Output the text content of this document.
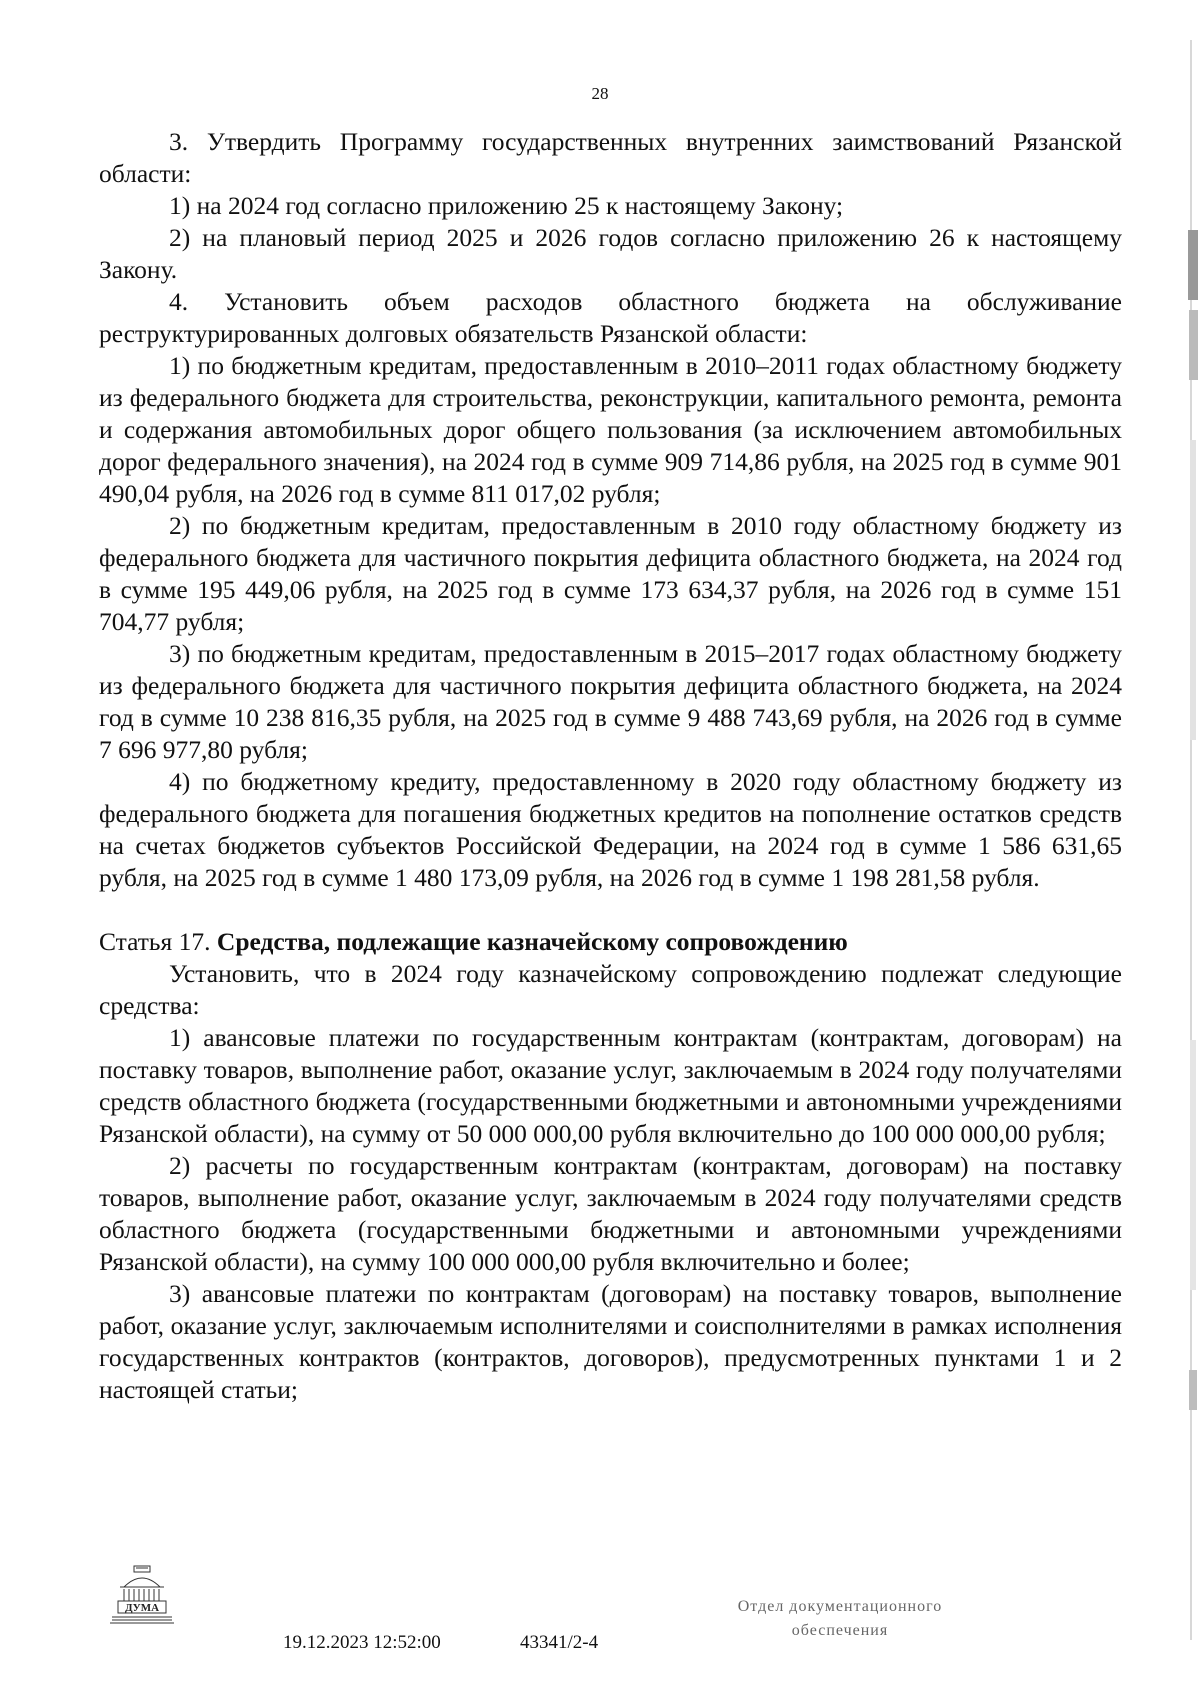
28

3. Утвердить Программу государственных внутренних заимствований Рязанской области:

1) на 2024 год согласно приложению 25 к настоящему Закону;

2) на плановый период 2025 и 2026 годов согласно приложению 26 к настоящему Закону.

4. Установить объем расходов областного бюджета на обслуживание реструктурированных долговых обязательств Рязанской области:

1) по бюджетным кредитам, предоставленным в 2010–2011 годах областному бюджету из федерального бюджета для строительства, реконструкции, капитального ремонта, ремонта и содержания автомобильных дорог общего пользования (за исключением автомобильных дорог федерального значения), на 2024 год в сумме 909 714,86 рубля, на 2025 год в сумме 901 490,04 рубля, на 2026 год в сумме 811 017,02 рубля;

2) по бюджетным кредитам, предоставленным в 2010 году областному бюджету из федерального бюджета для частичного покрытия дефицита областного бюджета, на 2024 год в сумме 195 449,06 рубля, на 2025 год в сумме 173 634,37 рубля, на 2026 год в сумме 151 704,77 рубля;

3) по бюджетным кредитам, предоставленным в 2015–2017 годах областному бюджету из федерального бюджета для частичного покрытия дефицита областного бюджета, на 2024 год в сумме 10 238 816,35 рубля, на 2025 год в сумме 9 488 743,69 рубля, на 2026 год в сумме 7 696 977,80 рубля;

4) по бюджетному кредиту, предоставленному в 2020 году областному бюджету из федерального бюджета для погашения бюджетных кредитов на пополнение остатков средств на счетах бюджетов субъектов Российской Федерации, на 2024 год в сумме 1 586 631,65 рубля, на 2025 год в сумме 1 480 173,09 рубля, на 2026 год в сумме 1 198 281,58 рубля.

Статья 17. Средства, подлежащие казначейскому сопровождению

Установить, что в 2024 году казначейскому сопровождению подлежат следующие средства:

1) авансовые платежи по государственным контрактам (контрактам, договорам) на поставку товаров, выполнение работ, оказание услуг, заключаемым в 2024 году получателями средств областного бюджета (государственными бюджетными и автономными учреждениями Рязанской области), на сумму от 50 000 000,00 рубля включительно до 100 000 000,00 рубля;

2) расчеты по государственным контрактам (контрактам, договорам) на поставку товаров, выполнение работ, оказание услуг, заключаемым в 2024 году получателями средств областного бюджета (государственными бюджетными и автономными учреждениями Рязанской области), на сумму 100 000 000,00 рубля включительно и более;

3) авансовые платежи по контрактам (договорам) на поставку товаров, выполнение работ, оказание услуг, заключаемым исполнителями и соисполнителями в рамках исполнения государственных контрактов (контрактов, договоров), предусмотренных пунктами 1 и 2 настоящей статьи;

ДУМА
19.12.2023 12:52:00	43341/2-4
Отдел документационного
обеспечения
